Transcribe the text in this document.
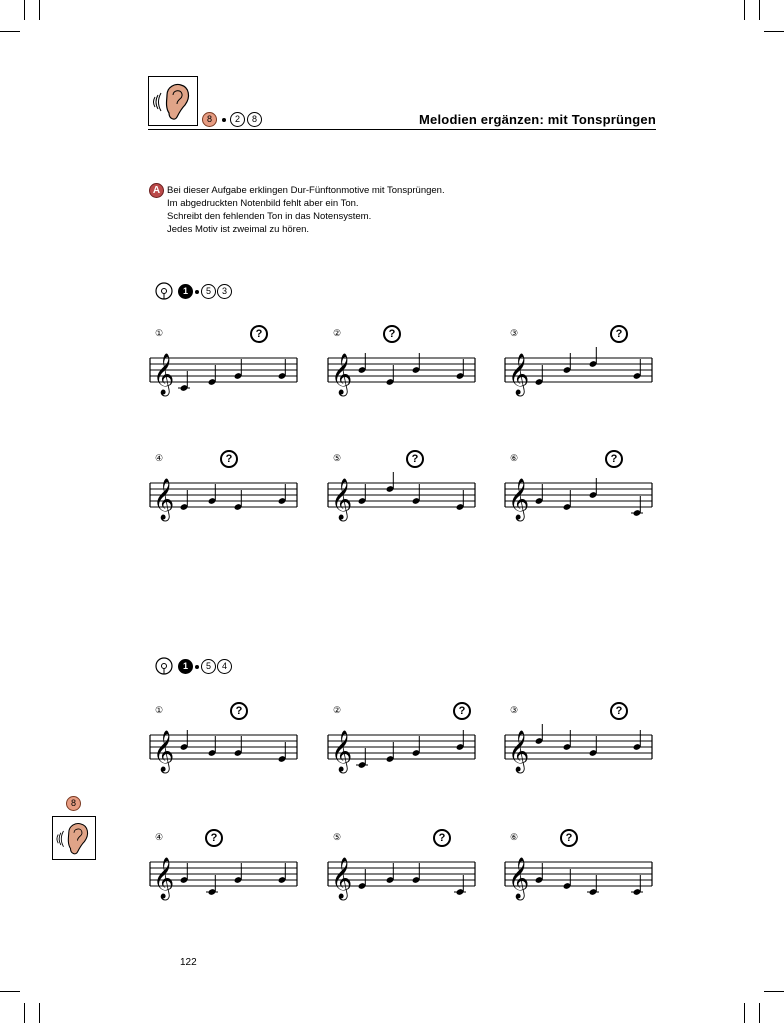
8	2	8	Melodien ergänzen: mit Tonsprüngen
A Bei dieser Aufgabe erklingen Dur-Fünftonmotive mit Tonsprüngen.
Im abgedruckten Notenbild fehlt aber ein Ton.
Schreibt den fehlenden Ton in das Notensystem.
Jedes Motiv ist zweimal zu hören.
1	5	3
1	5	4
①	?
𝄞
②	?
𝄞
③	?
𝄞
④	?
𝄞
⑤	?
𝄞
⑥	?
𝄞
①	?
𝄞
②	?
𝄞
③	?
𝄞
④	?
𝄞
⑤	?
𝄞
⑥	?
𝄞
8
122
